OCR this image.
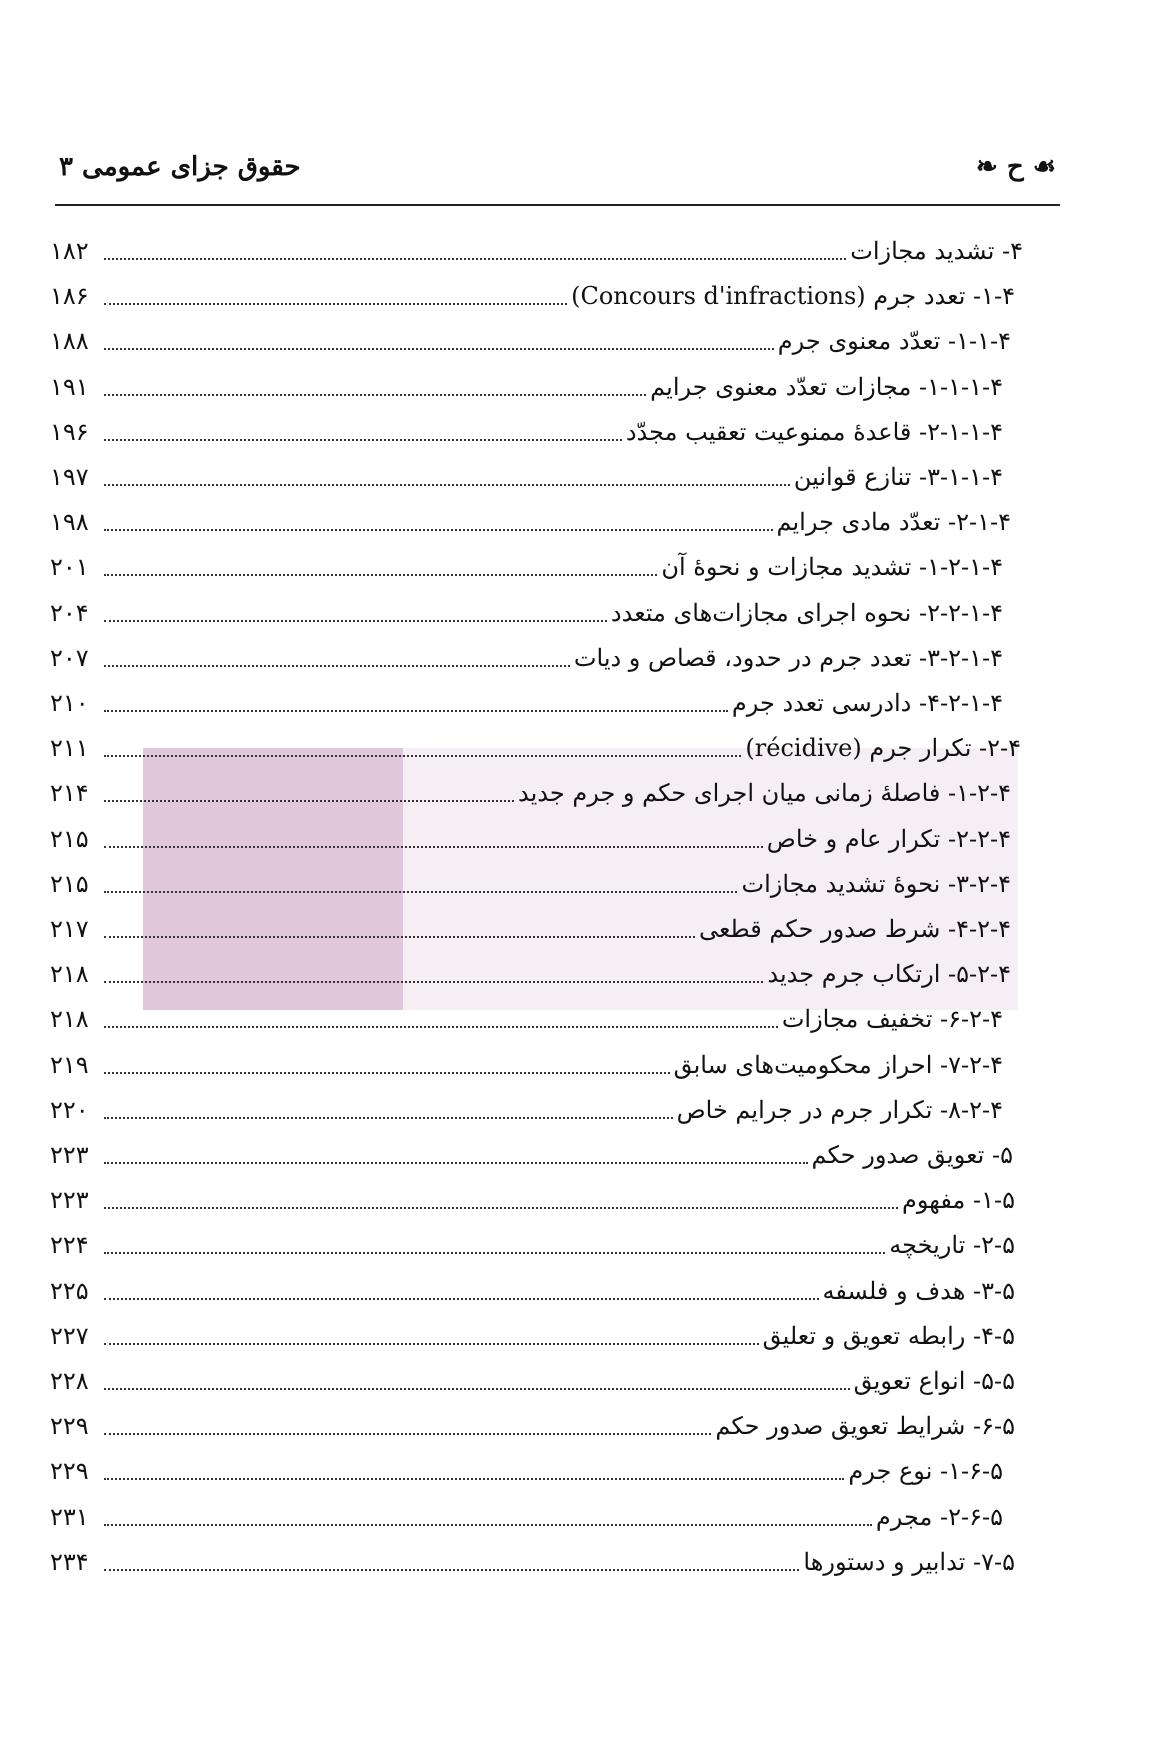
☙ ح ❧
حقوق جزای عمومی ۳
۴- تشدید مجازات
۱۸۲
۱-۴- تعدد جرم (Concours d'infractions)
۱۸۶
۱-۱-۴- تعدّد معنوی جرم
۱۸۸
۱-۱-۱-۴- مجازات تعدّد معنوی جرایم
۱۹۱
۲-۱-۱-۴- قاعدهٔ ممنوعیت تعقیب مجدّد
۱۹۶
۳-۱-۱-۴- تنازع قوانین
۱۹۷
۲-۱-۴- تعدّد مادی جرایم
۱۹۸
۱-۲-۱-۴- تشدید مجازات و نحوهٔ آن
۲۰۱
۲-۲-۱-۴- نحوه اجرای مجازات‌های متعدد
۲۰۴
۳-۲-۱-۴- تعدد جرم در حدود، قصاص و دیات
۲۰۷
۴-۲-۱-۴- دادرسی تعدد جرم
۲۱۰
۲-۴- تکرار جرم (récidive)
۲۱۱
۱-۲-۴- فاصلهٔ زمانی میان اجرای حکم و جرم جدید
۲۱۴
۲-۲-۴- تکرار عام و خاص
۲۱۵
۳-۲-۴- نحوهٔ تشدید مجازات
۲۱۵
۴-۲-۴- شرط صدور حکم قطعی
۲۱۷
۵-۲-۴- ارتکاب جرم جدید
۲۱۸
۶-۲-۴- تخفیف مجازات
۲۱۸
۷-۲-۴- احراز محکومیت‌های سابق
۲۱۹
۸-۲-۴- تکرار جرم در جرایم خاص
۲۲۰
۵- تعویق صدور حکم
۲۲۳
۱-۵- مفهوم
۲۲۳
۲-۵- تاریخچه
۲۲۴
۳-۵- هدف و فلسفه
۲۲۵
۴-۵- رابطه تعویق و تعلیق
۲۲۷
۵-۵- انواع تعویق
۲۲۸
۶-۵- شرایط تعویق صدور حکم
۲۲۹
۱-۶-۵- نوع جرم
۲۲۹
۲-۶-۵- مجرم
۲۳۱
۷-۵- تدابیر و دستورها
۲۳۴
